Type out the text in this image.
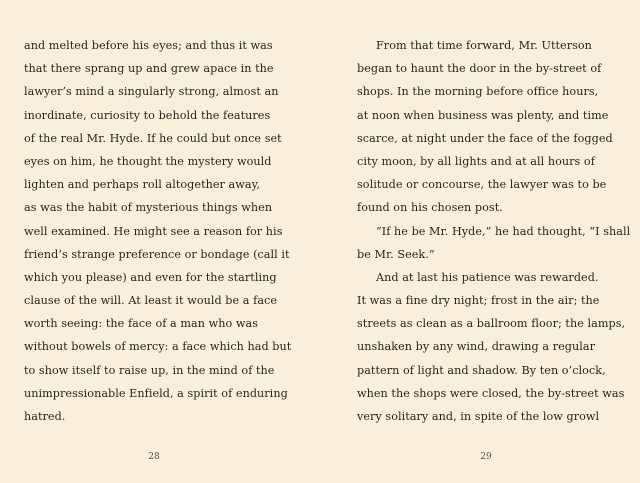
and melted before his eyes; and thus it was
that there sprang up and grew apace in the
lawyer’s mind a singularly strong, almost an
inordinate, curiosity to behold the features
of the real Mr. Hyde. If he could but once set
eyes on him, he thought the mystery would
lighten and perhaps roll altogether away,
as was the habit of mysterious things when
well examined. He might see a reason for his
friend’s strange preference or bondage (call it
which you please) and even for the startling
clause of the will. At least it would be a face
worth seeing: the face of a man who was
without bowels of mercy: a face which had but
to show itself to raise up, in the mind of the
unimpressionable Enfield, a spirit of enduring
hatred.
28
From that time forward, Mr. Utterson
began to haunt the door in the by-street of
shops. In the morning before office hours,
at noon when business was plenty, and time
scarce, at night under the face of the fogged
city moon, by all lights and at all hours of
solitude or concourse, the lawyer was to be
found on his chosen post.
“If he be Mr. Hyde,” he had thought, “I shall
be Mr. Seek.”
And at last his patience was rewarded.
It was a fine dry night; frost in the air; the
streets as clean as a ballroom floor; the lamps,
unshaken by any wind, drawing a regular
pattern of light and shadow. By ten o’clock,
when the shops were closed, the by-street was
very solitary and, in spite of the low growl
29
